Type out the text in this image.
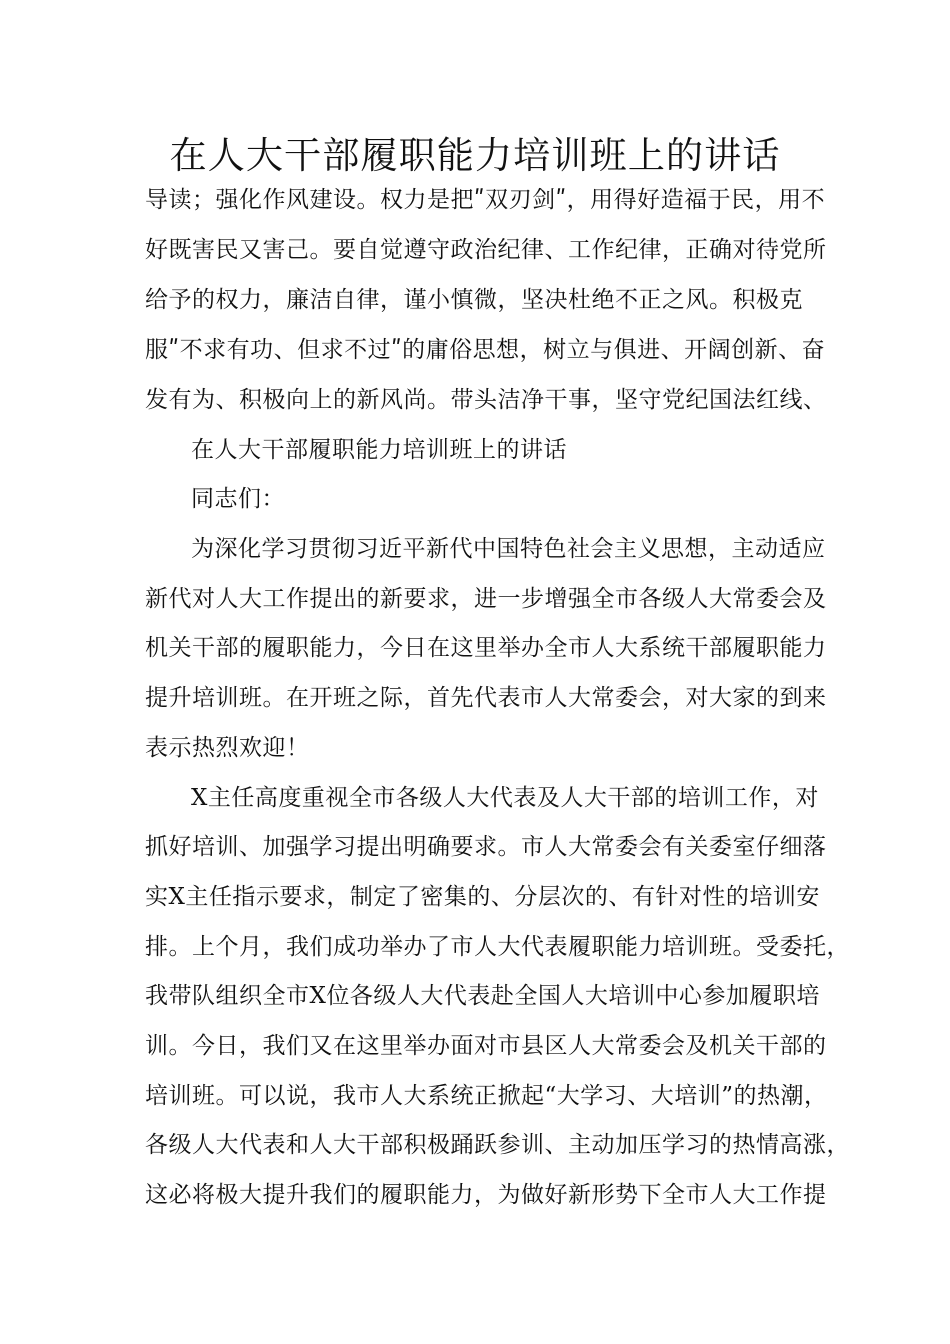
在人大干部履职能力培训班上的讲话
导读；强化作风建设。权力是把ʺ双刃剑ʺ，用得好造福于民，用不
好既害民又害己。要自觉遵守政治纪律、工作纪律，正确对待党所
给予的权力，廉洁自律，谨小慎微，坚决杜绝不正之风。积极克
服ʺ不求有功、但求不过ʺ的庸俗思想，树立与俱进、开阔创新、奋
发有为、积极向上的新风尚。带头洁净干事，坚守党纪国法红线、
在人大干部履职能力培训班上的讲话
同志们：
为深化学习贯彻习近平新代中国特色社会主义思想，主动适应
新代对人大工作提出的新要求，进一步增强全市各级人大常委会及
机关干部的履职能力，今日在这里举办全市人大系统干部履职能力
提升培训班。在开班之际，首先代表市人大常委会，对大家的到来
表示热烈欢迎！
X主任高度重视全市各级人大代表及人大干部的培训工作，对
抓好培训、加强学习提出明确要求。市人大常委会有关委室仔细落
实X主任指示要求，制定了密集的、分层次的、有针对性的培训安
排。上个月，我们成功举办了市人大代表履职能力培训班。受委托，
我带队组织全市X位各级人大代表赴全国人大培训中心参加履职培
训。今日，我们又在这里举办面对市县区人大常委会及机关干部的
培训班。可以说，我市人大系统正掀起“大学习、大培训”的热潮，
各级人大代表和人大干部积极踊跃参训、主动加压学习的热情高涨，
这必将极大提升我们的履职能力，为做好新形势下全市人大工作提
